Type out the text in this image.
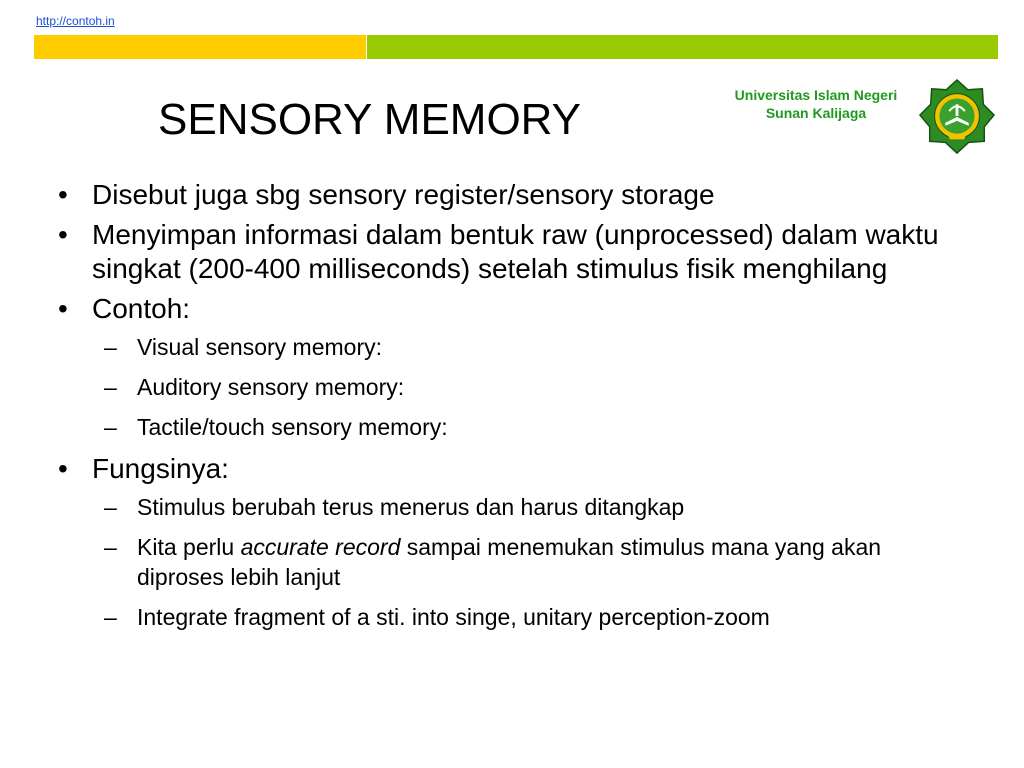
http://contoh.in
SENSORY MEMORY	Universitas Islam Negeri
Sunan Kalijaga
• Disebut juga sbg sensory register/sensory storage
• Menyimpan informasi dalam bentuk raw (unprocessed) dalam waktu singkat (200-400 milliseconds) setelah stimulus fisik menghilang
• Contoh:
– Visual sensory memory:
– Auditory sensory memory:
– Tactile/touch sensory memory:
• Fungsinya:
– Stimulus berubah terus menerus dan harus ditangkap
– Kita perlu accurate record sampai menemukan stimulus mana yang akan diproses lebih lanjut
– Integrate fragment of a sti. into singe, unitary perception-zoom
